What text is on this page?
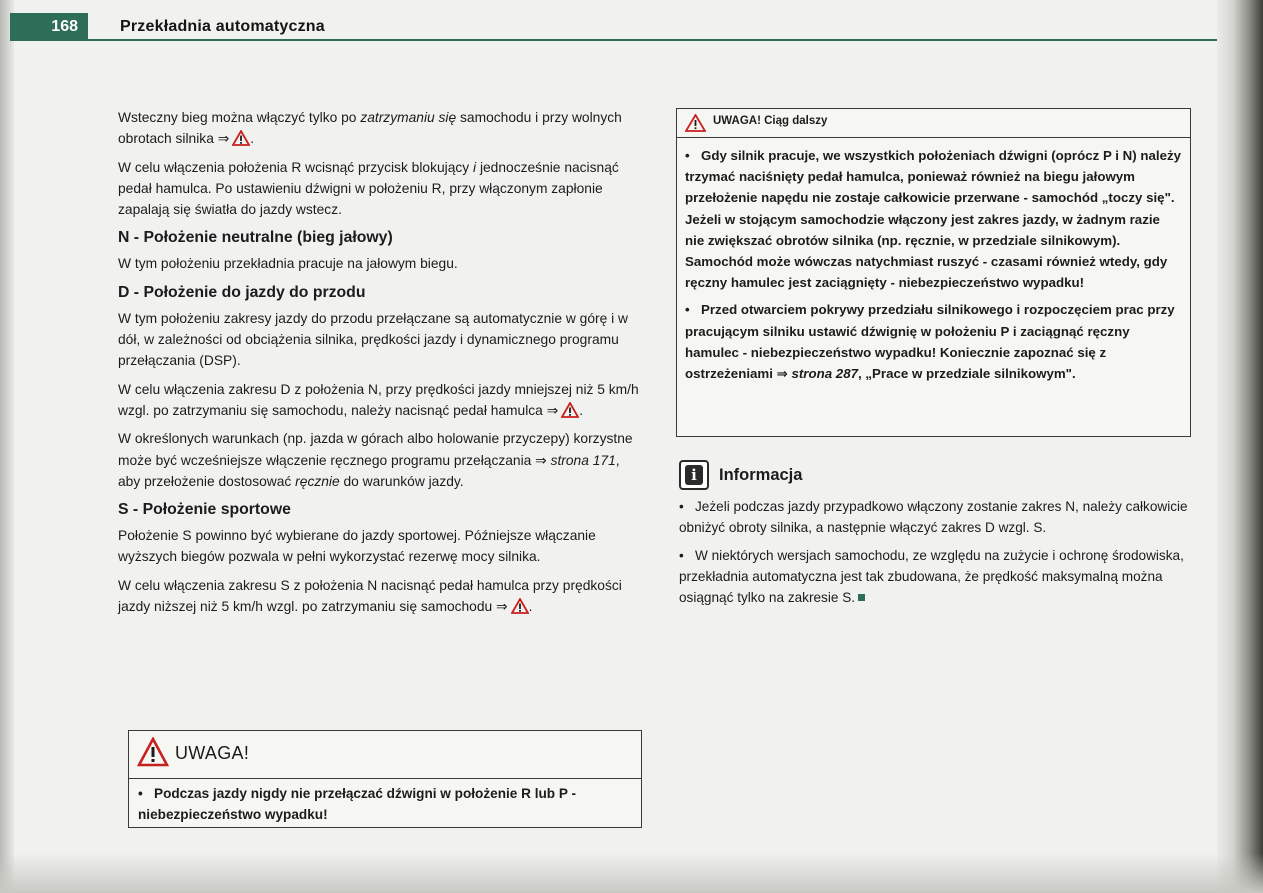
168	Przekładnia automatyczna

Wsteczny bieg można włączyć tylko po zatrzymaniu się samochodu i przy wolnych obrotach silnika ⇒ .

W celu włączenia położenia R wcisnąć przycisk blokujący i jednocześnie nacisnąć pedał hamulca. Po ustawieniu dźwigni w położeniu R, przy włączonym zapłonie zapalają się światła do jazdy wstecz.

N - Położenie neutralne (bieg jałowy)

W tym położeniu przekładnia pracuje na jałowym biegu.

D - Położenie do jazdy do przodu

W tym położeniu zakresy jazdy do przodu przełączane są automatycznie w górę i w dół, w zależności od obciążenia silnika, prędkości jazdy i dynamicznego programu przełączania (DSP).

W celu włączenia zakresu D z położenia N, przy prędkości jazdy mniejszej niż 5 km/h wzgl. po zatrzymaniu się samochodu, należy nacisnąć pedał hamulca ⇒ .

W określonych warunkach (np. jazda w górach albo holowanie przyczepy) korzystne może być wcześniejsze włączenie ręcznego programu przełączania ⇒ strona 171, aby przełożenie dostosować ręcznie do warunków jazdy.

S - Położenie sportowe

Położenie S powinno być wybierane do jazdy sportowej. Późniejsze włączanie wyższych biegów pozwala w pełni wykorzystać rezerwę mocy silnika.

W celu włączenia zakresu S z położenia N nacisnąć pedał hamulca przy prędkości jazdy niższej niż 5 km/h wzgl. po zatrzymaniu się samochodu ⇒ .

UWAGA!
• Podczas jazdy nigdy nie przełączać dźwigni w położenie R lub P - niebezpieczeństwo wypadku!
UWAGA! Ciąg dalszy

• Gdy silnik pracuje, we wszystkich położeniach dźwigni (oprócz P i N) należy trzymać naciśnięty pedał hamulca, ponieważ również na biegu jałowym przełożenie napędu nie zostaje całkowicie przerwane - samochód „toczy się". Jeżeli w stojącym samochodzie włączony jest zakres jazdy, w żadnym razie nie zwiększać obrotów silnika (np. ręcznie, w przedziale silnikowym). Samochód może wówczas natychmiast ruszyć - czasami również wtedy, gdy ręczny hamulec jest zaciągnięty - niebezpieczeństwo wypadku!

• Przed otwarciem pokrywy przedziału silnikowego i rozpoczęciem prac przy pracującym silniku ustawić dźwignię w położeniu P i zaciągnąć ręczny hamulec - niebezpieczeństwo wypadku! Koniecznie zapoznać się z ostrzeżeniami ⇒ strona 287, „Prace w przedziale silnikowym".

i	Informacja

• Jeżeli podczas jazdy przypadkowo włączony zostanie zakres N, należy całkowicie obniżyć obroty silnika, a następnie włączyć zakres D wzgl. S.

• W niektórych wersjach samochodu, ze względu na zużycie i ochronę środowiska, przekładnia automatyczna jest tak zbudowana, że prędkość maksymalną można osiągnąć tylko na zakresie S.
